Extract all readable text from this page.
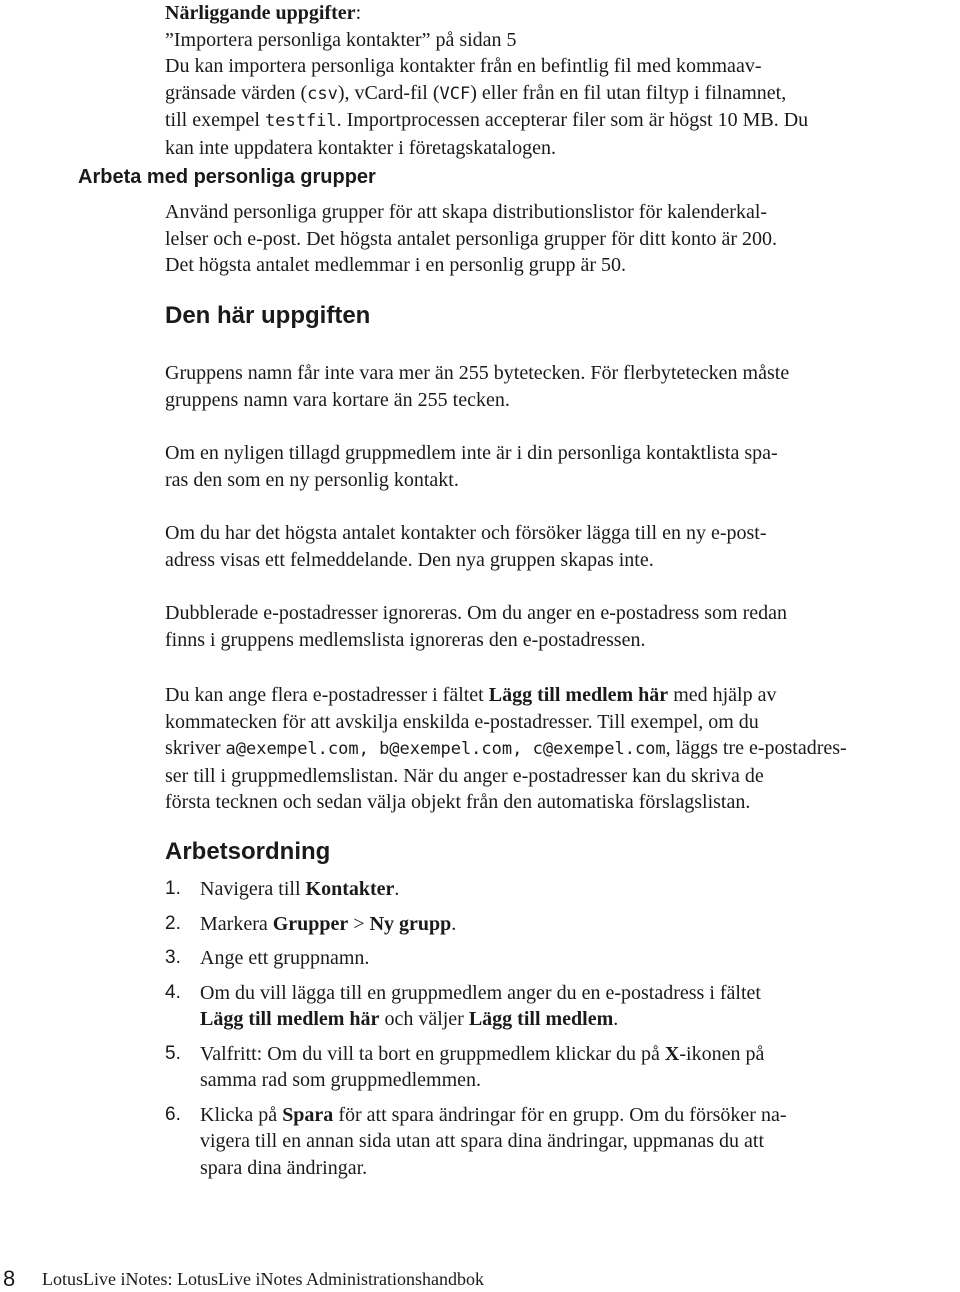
Närliggande uppgifter:
”Importera personliga kontakter” på sidan 5
Du kan importera personliga kontakter från en befintlig fil med kommaav-
gränsade värden (csv), vCard-fil (VCF) eller från en fil utan filtyp i filnamnet,
till exempel testfil. Importprocessen accepterar filer som är högst 10 MB. Du
kan inte uppdatera kontakter i företagskatalogen.
Arbeta med personliga grupper
Använd personliga grupper för att skapa distributionslistor för kalenderkal-
lelser och e-post. Det högsta antalet personliga grupper för ditt konto är 200.
Det högsta antalet medlemmar i en personlig grupp är 50.
Den här uppgiften
Gruppens namn får inte vara mer än 255 bytetecken. För flerbytetecken måste
gruppens namn vara kortare än 255 tecken.
Om en nyligen tillagd gruppmedlem inte är i din personliga kontaktlista spa-
ras den som en ny personlig kontakt.
Om du har det högsta antalet kontakter och försöker lägga till en ny e-post-
adress visas ett felmeddelande. Den nya gruppen skapas inte.
Dubblerade e-postadresser ignoreras. Om du anger en e-postadress som redan
finns i gruppens medlemslista ignoreras den e-postadressen.
Du kan ange flera e-postadresser i fältet Lägg till medlem här med hjälp av
kommatecken för att avskilja enskilda e-postadresser. Till exempel, om du
skriver a@exempel.com, b@exempel.com, c@exempel.com, läggs tre e-postadres-
ser till i gruppmedlemslistan. När du anger e-postadresser kan du skriva de
första tecknen och sedan välja objekt från den automatiska förslagslistan.
Arbetsordning
1. Navigera till Kontakter.
2. Markera Grupper > Ny grupp.
3. Ange ett gruppnamn.
4. Om du vill lägga till en gruppmedlem anger du en e-postadress i fältet
Lägg till medlem här och väljer Lägg till medlem.
5. Valfritt: Om du vill ta bort en gruppmedlem klickar du på X-ikonen på
samma rad som gruppmedlemmen.
6. Klicka på Spara för att spara ändringar för en grupp. Om du försöker na-
vigera till en annan sida utan att spara dina ändringar, uppmanas du att
spara dina ändringar.
8 LotusLive iNotes: LotusLive iNotes Administrationshandbok
